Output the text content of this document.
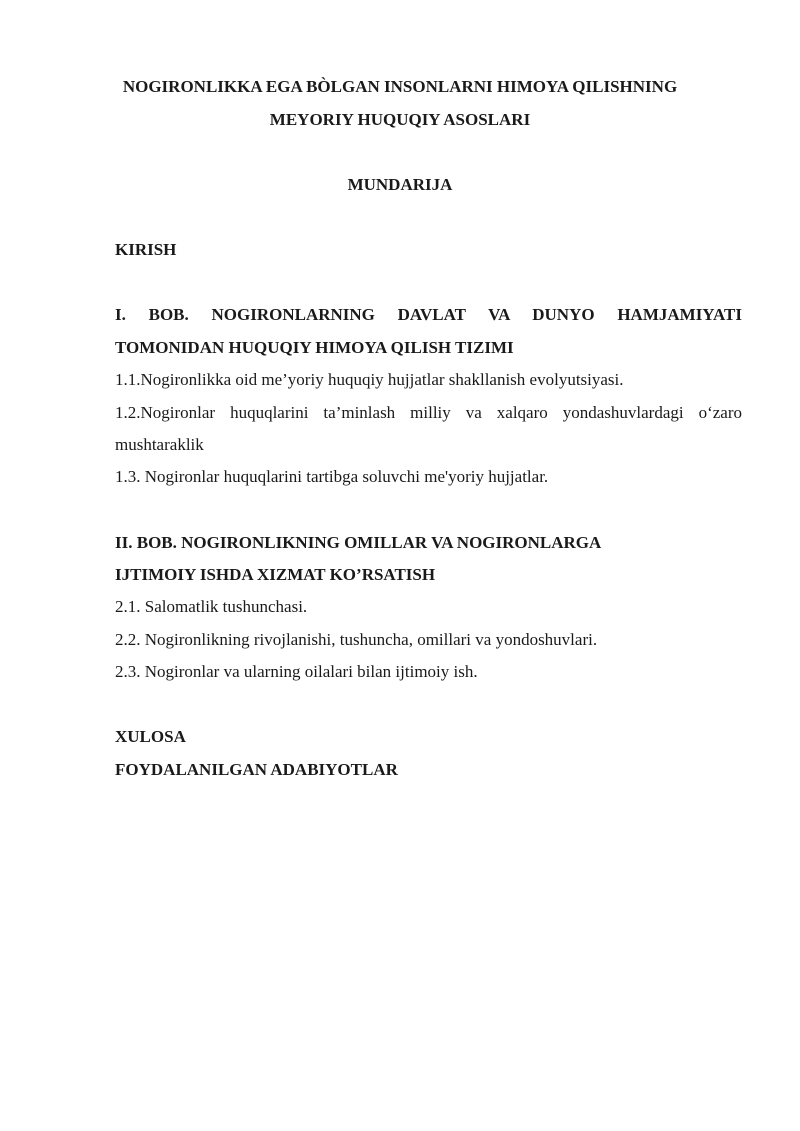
NOGIRONLIKKA EGA BÒLGAN INSONLARNI HIMOYA QILISHNING
MEYORIY HUQUQIY ASOSLARI
MUNDARIJA
KIRISH
I. BOB. NOGIRONLARNING DAVLAT VA DUNYO HAMJAMIYATI
TOMONIDAN HUQUQIY HIMOYA QILISH TIZIMI
1.1.Nogironlikka oid me’yoriy huquqiy hujjatlar shakllanish evolyutsiyasi.
1.2.Nogironlar huquqlarini ta’minlash milliy va xalqaro yondashuvlardagi o‘zaro
mushtaraklik
1.3. Nogironlar huquqlarini tartibga soluvchi me'yoriy hujjatlar.
II. BOB. NOGIRONLIKNING OMILLAR VA NOGIRONLARGA
IJTIMOIY ISHDA XIZMAT KO’RSATISH
2.1. Salomatlik tushunchasi.
2.2. Nogironlikning rivojlanishi, tushuncha, omillari va yondoshuvlari.
2.3. Nogironlar va ularning oilalari bilan ijtimoiy ish.
XULOSA
FOYDALANILGAN ADABIYOTLAR
